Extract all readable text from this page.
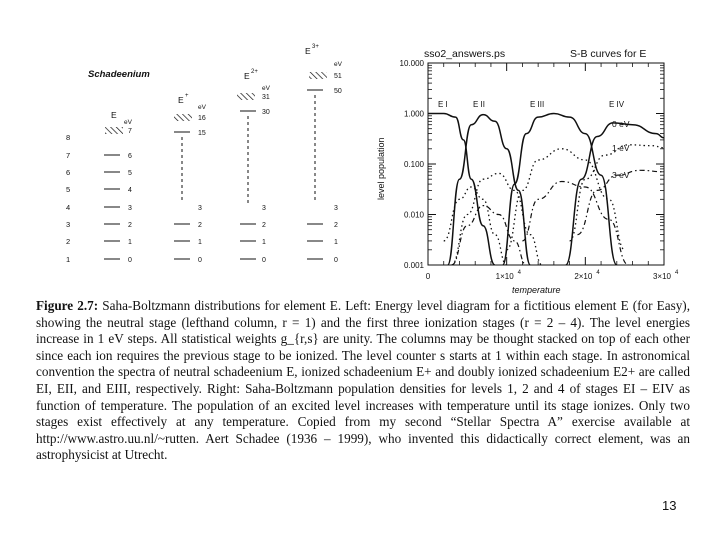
Schadeenium
1
2
3
4
5
6
7
8
E
eV
7
0
1
2
3
4
5
6
E +
eV
16
0
1
2
3
15
E 2+
eV
31
0
1
2
3
30
E 3+
eV
51
0
1
2
3
50
sso2_answers.ps	S-B curves for E
0.001
0.010
0.100
1.000
10.000
0	1×10 4	2×10 4	3×10 4
E I	E II	E III	E IV
0 eV
1 eV
3 eV
temperature
level population

Figure 2.7: Saha-Boltzmann distributions for element E. Left: Energy level diagram for a fictitious element E (for Easy), showing the neutral stage (lefthand column, r = 1) and the first three ionization stages (r = 2 – 4). The level energies increase in 1 eV steps. All statistical weights g_{r,s} are unity. The columns may be thought stacked on top of each other since each ion requires the previous stage to be ionized. The level counter s starts at 1 within each stage. In astronomical convention the spectra of neutral schadeenium E, ionized schadeenium E+ and doubly ionized schadeenium E2+ are called EI, EII, and EIII, respectively. Right: Saha-Boltzmann population densities for levels 1, 2 and 4 of stages EI – EIV as function of temperature. The population of an excited level increases with temperature until its stage ionizes. Only two stages exist effectively at any temperature. Copied from my second “Stellar Spectra A” exercise available at http://www.astro.uu.nl/~rutten. Aert Schadee (1936 – 1999), who invented this didactically correct element, was an astrophysicist at Utrecht.

13
